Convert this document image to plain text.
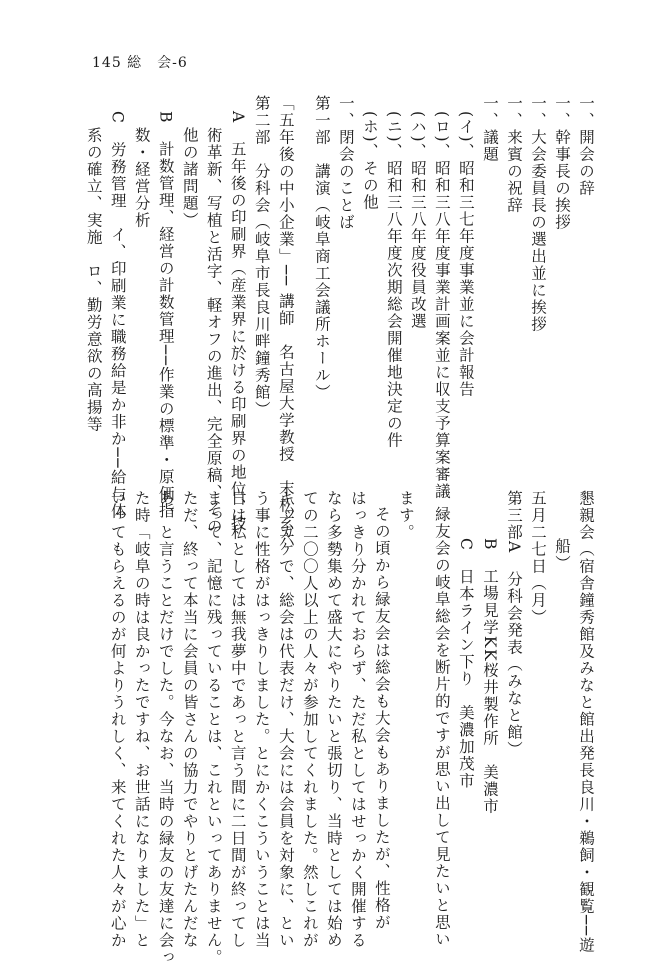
145 総　会-6
一、開会の辞
一、幹事長の挨拶
一、大会委員長の選出並に挨拶
一、来賓の祝辞
一、議題
(イ)、昭和三七年度事業並に会計報告
(ロ)、昭和三八年度事業計画案並に収支予算案審議
(ハ)、昭和三八年度役員改選
(ニ)、昭和三八年度次期総会開催地決定の件
(ホ)、その他
一、閉会のことば
第一部　講演（岐阜商工会議所ホール）
「五年後の中小企業」── 講師　名古屋大学教授　末松玄六
第二部　分科会（岐阜市長良川畔鐘秀館）
A　五年後の印刷界（産業界に於ける印刷界の地位、技
術革新、写植と活字、軽オフの進出、完全原稿、その
他の諸問題）
B　計数管理、経営の計数管理──作業の標準・原価指
数・経営分析
C　労務管理　イ、印刷業に職務給是か非か──給与体
系の確立、実施　ロ、勤労意欲の高揚等
懇親会（宿舎鐘秀館及みなと館出発長良川・鵜飼・観覧──遊
船）
五月二七日（月）
第三部A　分科会発表（みなと館）
B　工場見学KK桜井製作所　美濃市
C　日本ライン下り　美濃加茂市
緑友会の岐阜総会を断片的ですが思い出して見たいと思い
ます。
その頃から緑友会は総会も大会もありましたが、性格が
はっきり分かれておらず、ただ私としてはせっかく開催する
なら多勢集めて盛大にやりたいと張切り、当時としては始め
ての二〇〇人以上の人々が参加してくれました。然しこれが
キッカケで、総会は代表だけ、大会には会員を対象に、とい
う事に性格がはっきりしました。とにかくこういうことは当
日は私としては無我夢中であっと言う間に二日間が終ってし
まって、記憶に残っていることは、これといってありません。
ただ、終って本当に会員の皆さんの協力でやりとげたんだな
あ、と言うことだけでした。今なお、当時の緑友の友達に会っ
た時「岐阜の時は良かったですね、お世話になりました」と
いってもらえるのが何よりうれしく、来てくれた人々が心か
